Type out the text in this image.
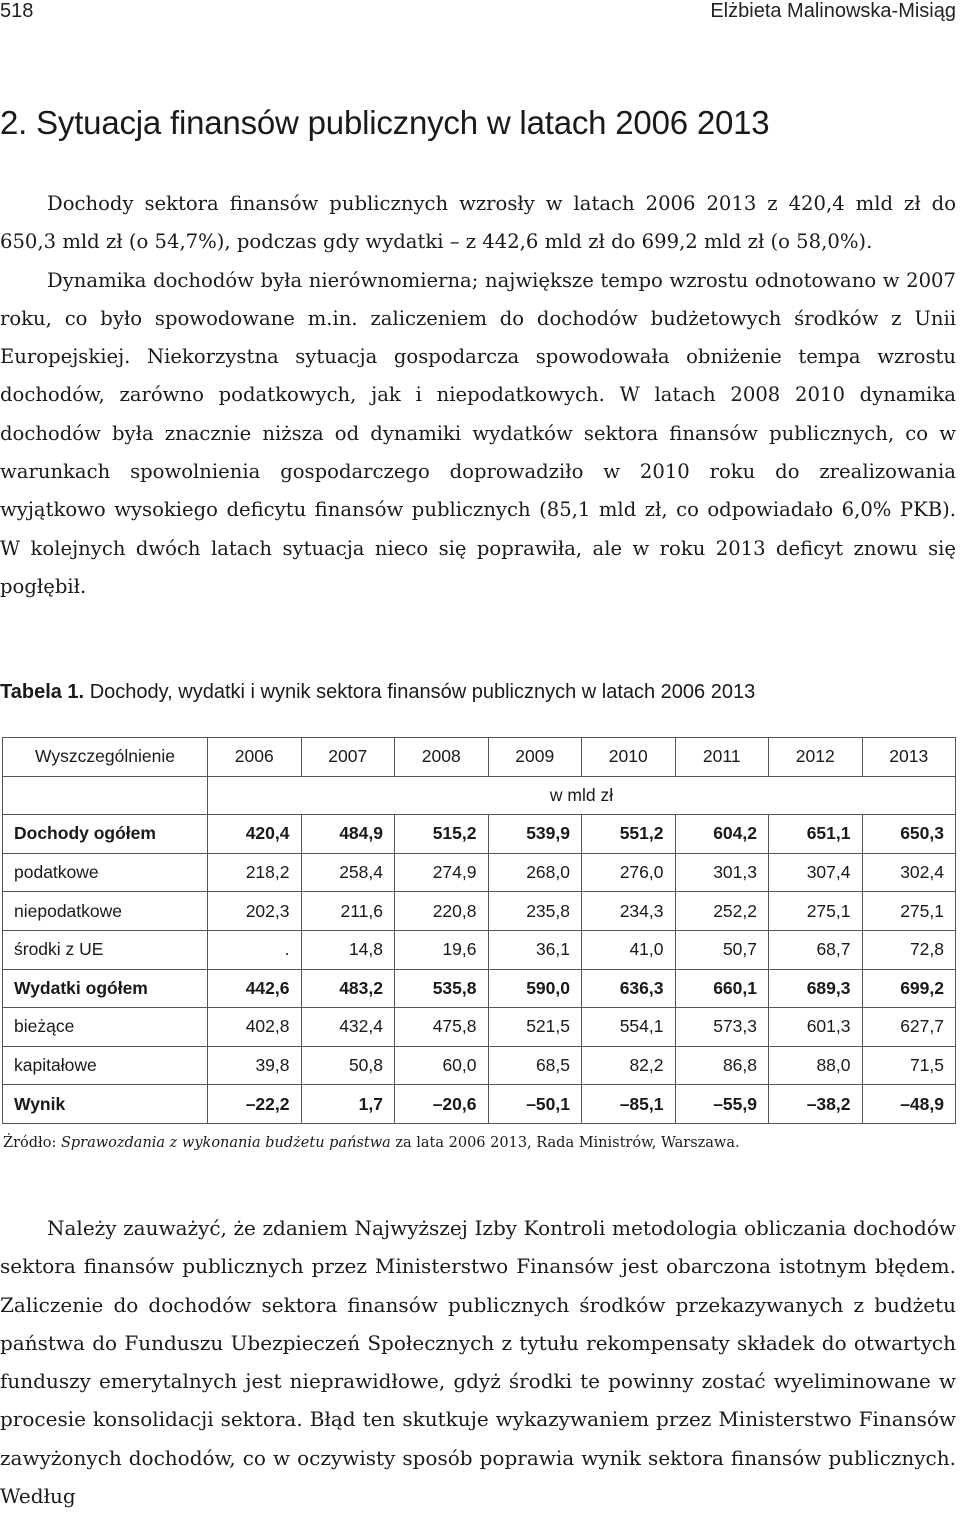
518	Elżbieta Malinowska-Misiąg
2. Sytuacja finansów publicznych w latach 2006 2013

Dochody sektora finansów publicznych wzrosły w latach 2006 2013 z 420,4 mld zł do 650,3 mld zł (o 54,7%), podczas gdy wydatki – z 442,6 mld zł do 699,2 mld zł (o 58,0%).

Dynamika dochodów była nierównomierna; największe tempo wzrostu odnotowano w 2007 roku, co było spowodowane m.in. zaliczeniem do dochodów budżetowych środków z Unii Europejskiej. Niekorzystna sytuacja gospodarcza spowodowała obniżenie tempa wzrostu dochodów, zarówno podatkowych, jak i niepodatkowych. W latach 2008 2010 dynamika dochodów była znacznie niższa od dynamiki wydatków sektora finansów publicznych, co w warunkach spowolnienia gospodarczego doprowadziło w 2010 roku do zrealizowania wyjątkowo wysokiego deficytu finansów publicznych (85,1 mld zł, co odpowiadało 6,0% PKB). W kolejnych dwóch latach sytuacja nieco się poprawiła, ale w roku 2013 deficyt znowu się pogłębił.

Tabela 1. Dochody, wydatki i wynik sektora finansów publicznych w latach 2006 2013

Wyszczególnienie	2006	2007	2008	2009	2010	2011	2012	2013
	w mld zł							
Dochody ogółem	420,4	484,9	515,2	539,9	551,2	604,2	651,1	650,3
podatkowe	218,2	258,4	274,9	268,0	276,0	301,3	307,4	302,4
niepodatkowe	202,3	211,6	220,8	235,8	234,3	252,2	275,1	275,1
środki z UE	.	14,8	19,6	36,1	41,0	50,7	68,7	72,8
Wydatki ogółem	442,6	483,2	535,8	590,0	636,3	660,1	689,3	699,2
bieżące	402,8	432,4	475,8	521,5	554,1	573,3	601,3	627,7
kapitałowe	39,8	50,8	60,0	68,5	82,2	86,8	88,0	71,5
Wynik	–22,2	1,7	–20,6	–50,1	–85,1	–55,9	–38,2	–48,9

Źródło: Sprawozdania z wykonania budżetu państwa za lata 2006 2013, Rada Ministrów, Warszawa.

Należy zauważyć, że zdaniem Najwyższej Izby Kontroli metodologia obliczania dochodów sektora finansów publicznych przez Ministerstwo Finansów jest obarczona istotnym błędem. Zaliczenie do dochodów sektora finansów publicznych środków przekazywanych z budżetu państwa do Funduszu Ubezpieczeń Społecznych z tytułu rekompensaty składek do otwartych funduszy emerytalnych jest nieprawidłowe, gdyż środki te powinny zostać wyeliminowane w procesie konsolidacji sektora. Błąd ten skutkuje wykazywaniem przez Ministerstwo Finansów zawyżonych dochodów, co w oczywisty sposób poprawia wynik sektora finansów publicznych. Według
